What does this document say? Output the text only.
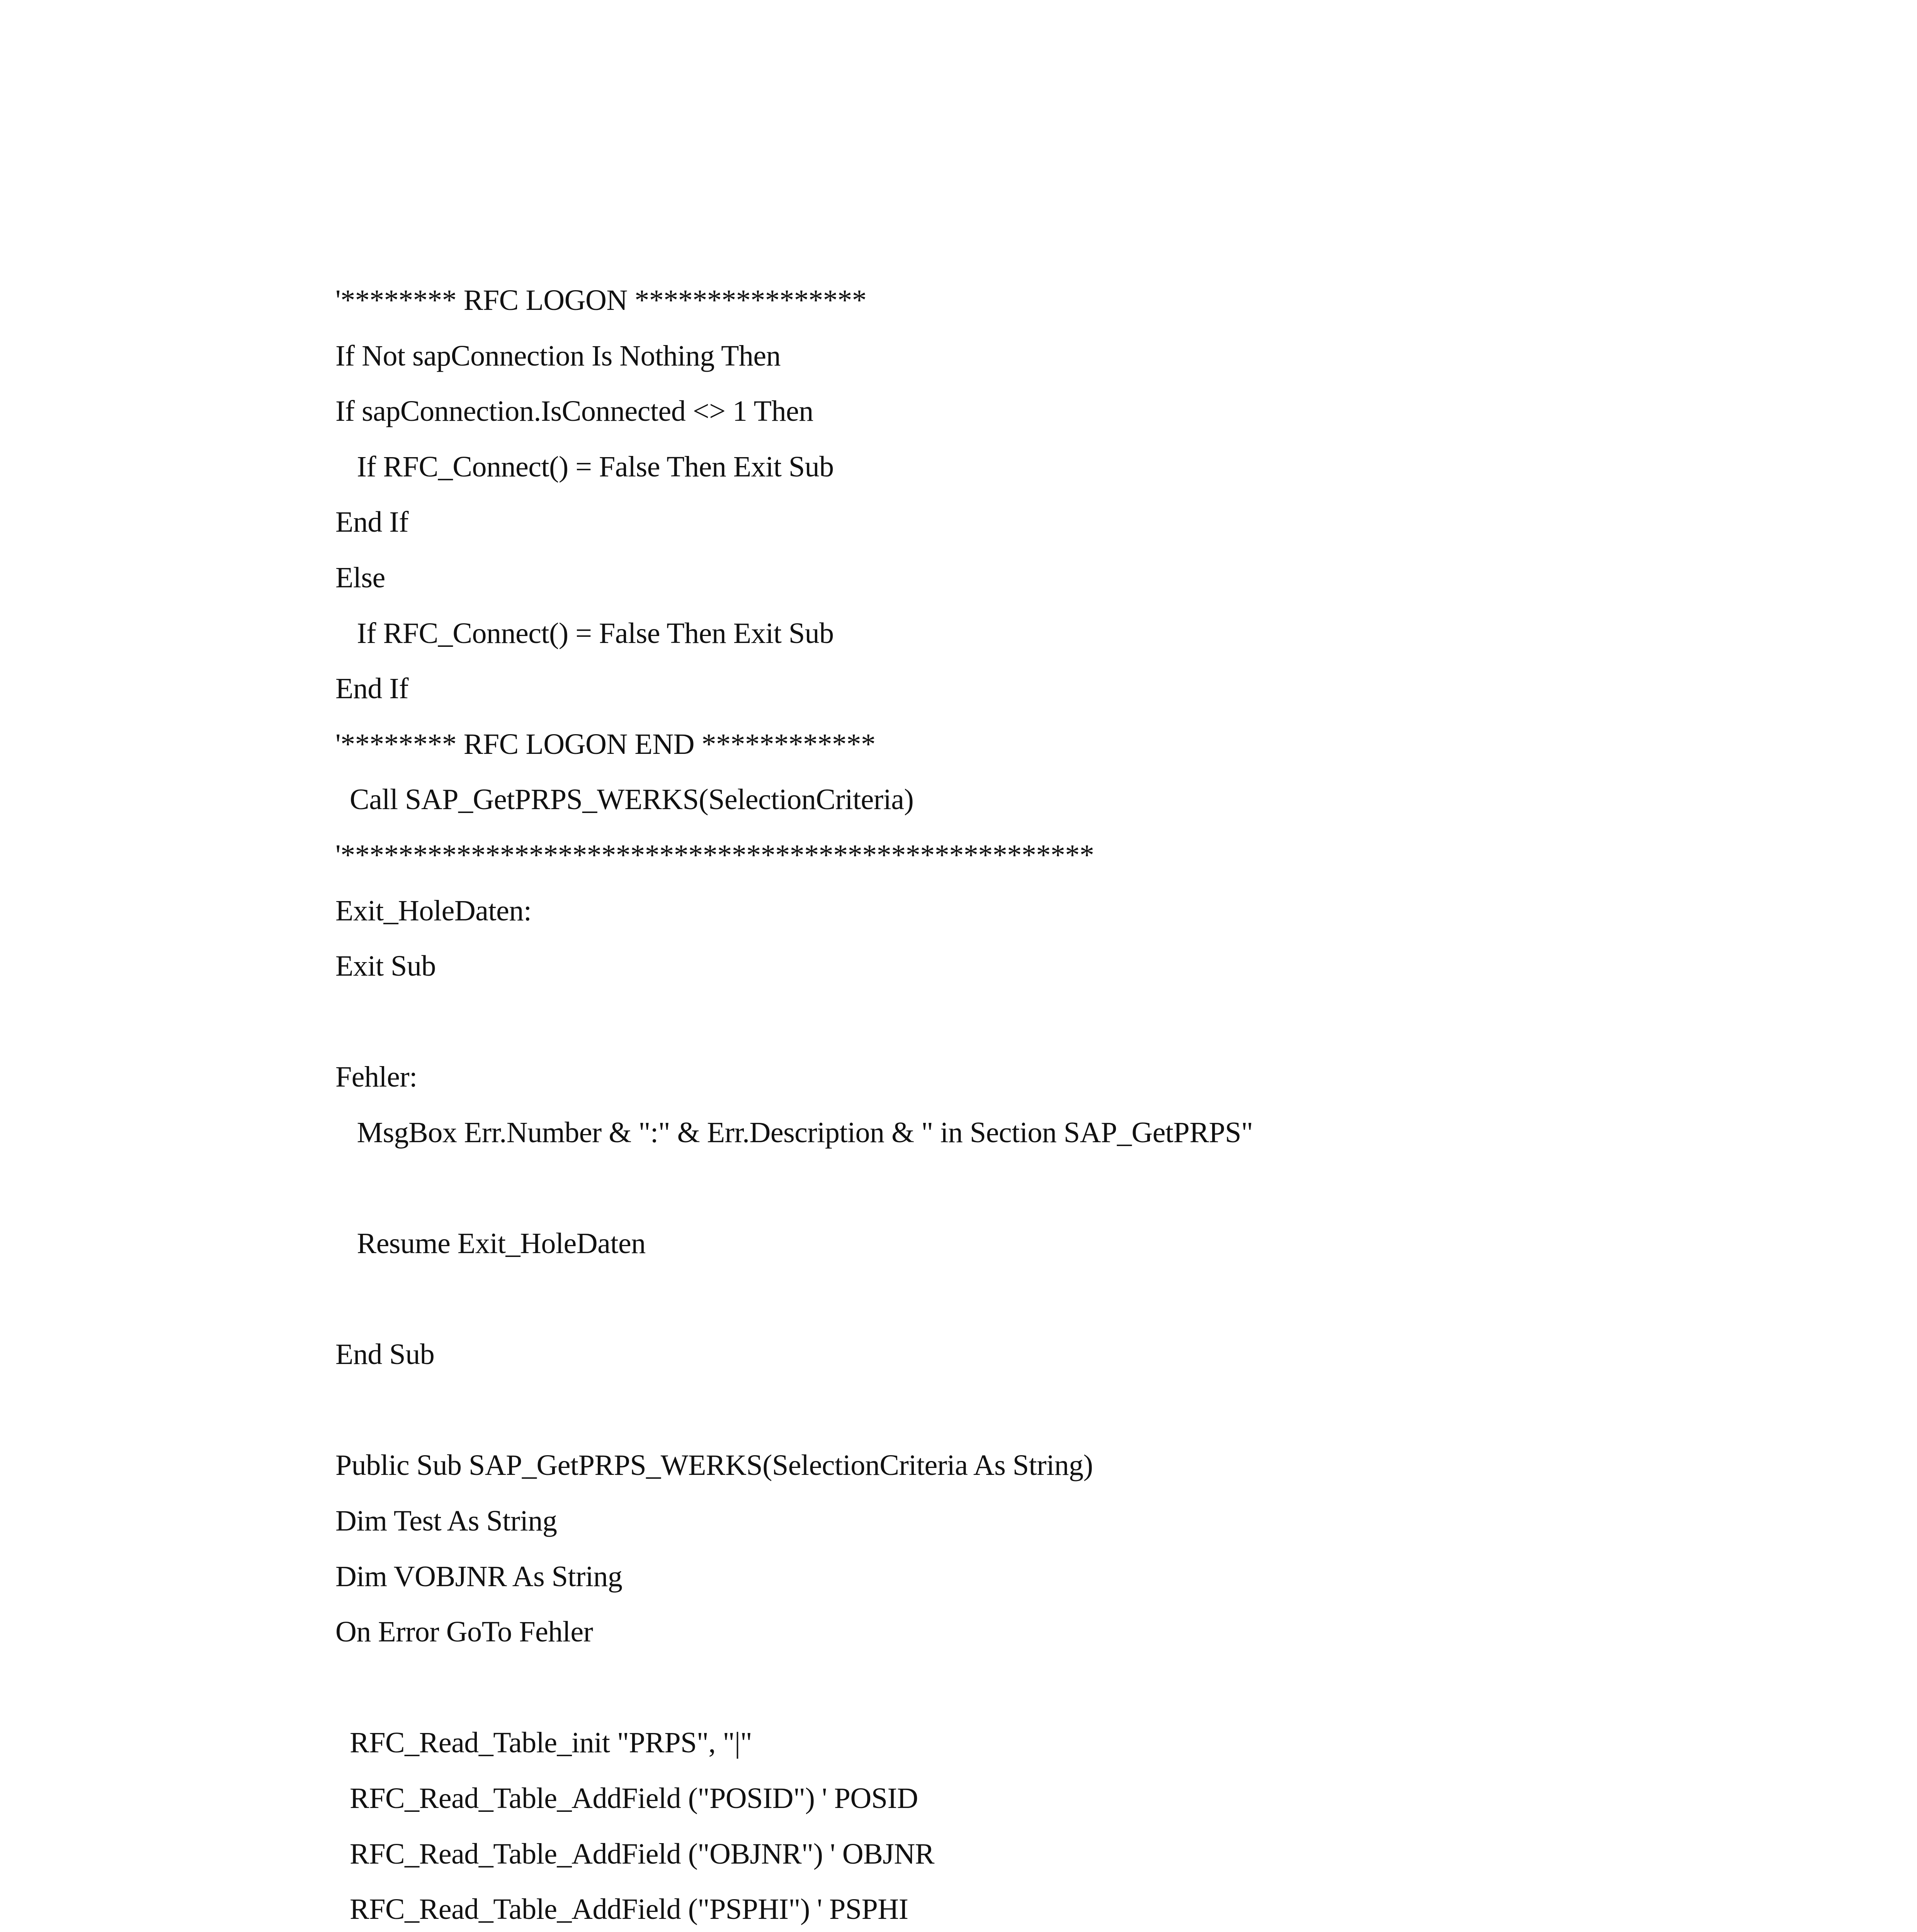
'******** RFC LOGON ****************
If Not sapConnection Is Nothing Then
If sapConnection.IsConnected <> 1 Then
If RFC_Connect() = False Then Exit Sub
End If
Else
If RFC_Connect() = False Then Exit Sub
End If
'******** RFC LOGON END ************
Call SAP_GetPRPS_WERKS(SelectionCriteria)
'****************************************************
Exit_HoleDaten:
Exit Sub
Fehler:
MsgBox Err.Number & ":" & Err.Description & " in Section SAP_GetPRPS"
Resume Exit_HoleDaten
End Sub
Public Sub SAP_GetPRPS_WERKS(SelectionCriteria As String)
Dim Test As String
Dim VOBJNR As String
On Error GoTo Fehler
RFC_Read_Table_init "PRPS", "|"
RFC_Read_Table_AddField ("POSID") ' POSID
RFC_Read_Table_AddField ("OBJNR") ' OBJNR
RFC_Read_Table_AddField ("PSPHI") ' PSPHI
